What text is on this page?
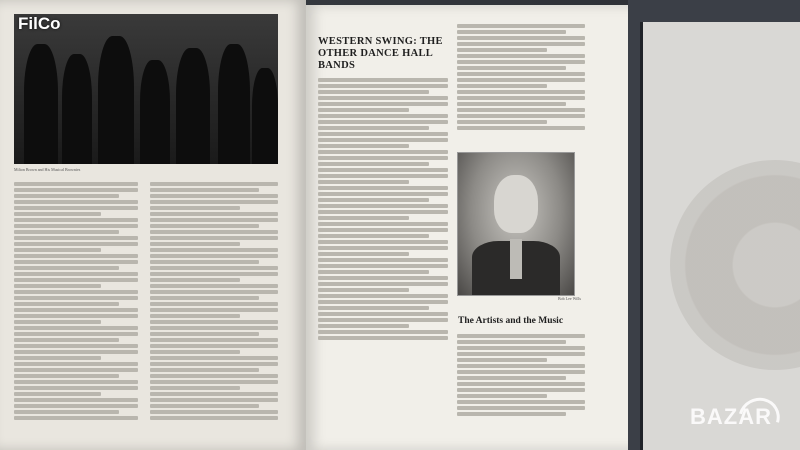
Milton Brown and His Musical Brownies
WESTERN SWING: THE OTHER DANCE HALL BANDS
Bob Lee Wills
The Artists and the Music
FilCo
BAZAR
